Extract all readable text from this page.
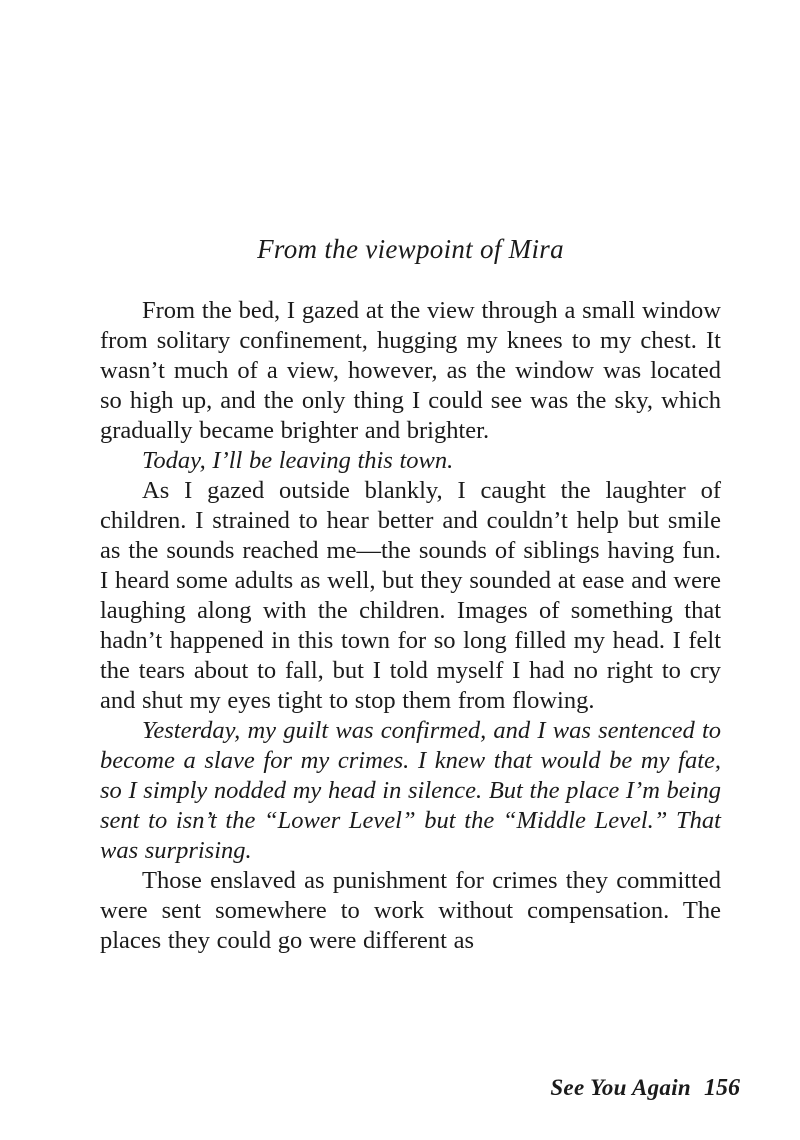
From the viewpoint of Mira

From the bed, I gazed at the view through a small window from solitary confinement, hugging my knees to my chest. It wasn’t much of a view, however, as the window was located so high up, and the only thing I could see was the sky, which gradually became brighter and brighter.

Today, I’ll be leaving this town.

As I gazed outside blankly, I caught the laughter of children. I strained to hear better and couldn’t help but smile as the sounds reached me—the sounds of siblings having fun. I heard some adults as well, but they sounded at ease and were laughing along with the children. Images of something that hadn’t happened in this town for so long filled my head. I felt the tears about to fall, but I told myself I had no right to cry and shut my eyes tight to stop them from flowing.

Yesterday, my guilt was confirmed, and I was sentenced to become a slave for my crimes. I knew that would be my fate, so I simply nodded my head in silence. But the place I’m being sent to isn’t the “Lower Level” but the “Middle Level.” That was surprising.

Those enslaved as punishment for crimes they committed were sent somewhere to work without compensation. The places they could go were different as

See You Again 156
